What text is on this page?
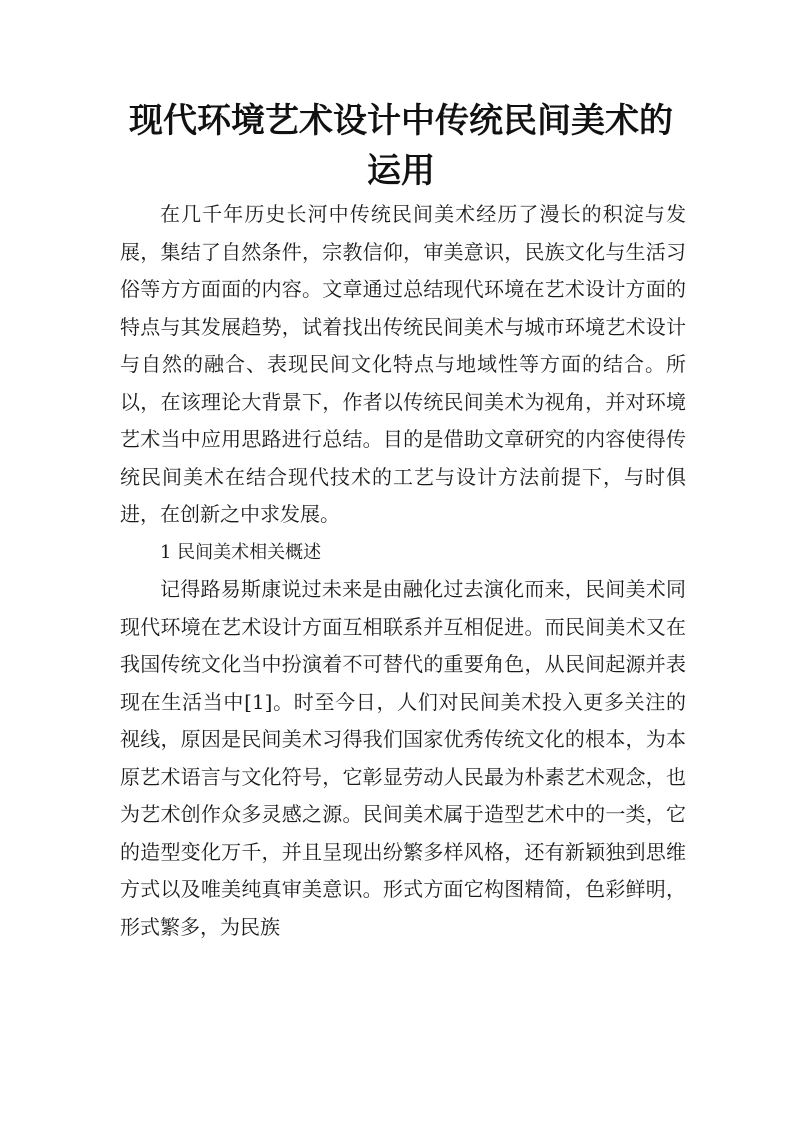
现代环境艺术设计中传统民间美术的运用

在几千年历史长河中传统民间美术经历了漫长的积淀与发展，集结了自然条件，宗教信仰，审美意识，民族文化与生活习俗等方方面面的内容。文章通过总结现代环境在艺术设计方面的特点与其发展趋势，试着找出传统民间美术与城市环境艺术设计与自然的融合、表现民间文化特点与地域性等方面的结合。所以，在该理论大背景下，作者以传统民间美术为视角，并对环境艺术当中应用思路进行总结。目的是借助文章研究的内容使得传统民间美术在结合现代技术的工艺与设计方法前提下，与时俱进，在创新之中求发展。

1 民间美术相关概述

记得路易斯康说过未来是由融化过去演化而来，民间美术同现代环境在艺术设计方面互相联系并互相促进。而民间美术又在我国传统文化当中扮演着不可替代的重要角色，从民间起源并表现在生活当中[1]。时至今日，人们对民间美术投入更多关注的视线，原因是民间美术习得我们国家优秀传统文化的根本，为本原艺术语言与文化符号，它彰显劳动人民最为朴素艺术观念，也为艺术创作众多灵感之源。民间美术属于造型艺术中的一类，它的造型变化万千，并且呈现出纷繁多样风格，还有新颖独到思维方式以及唯美纯真审美意识。形式方面它构图精简，色彩鲜明，形式繁多，为民族
